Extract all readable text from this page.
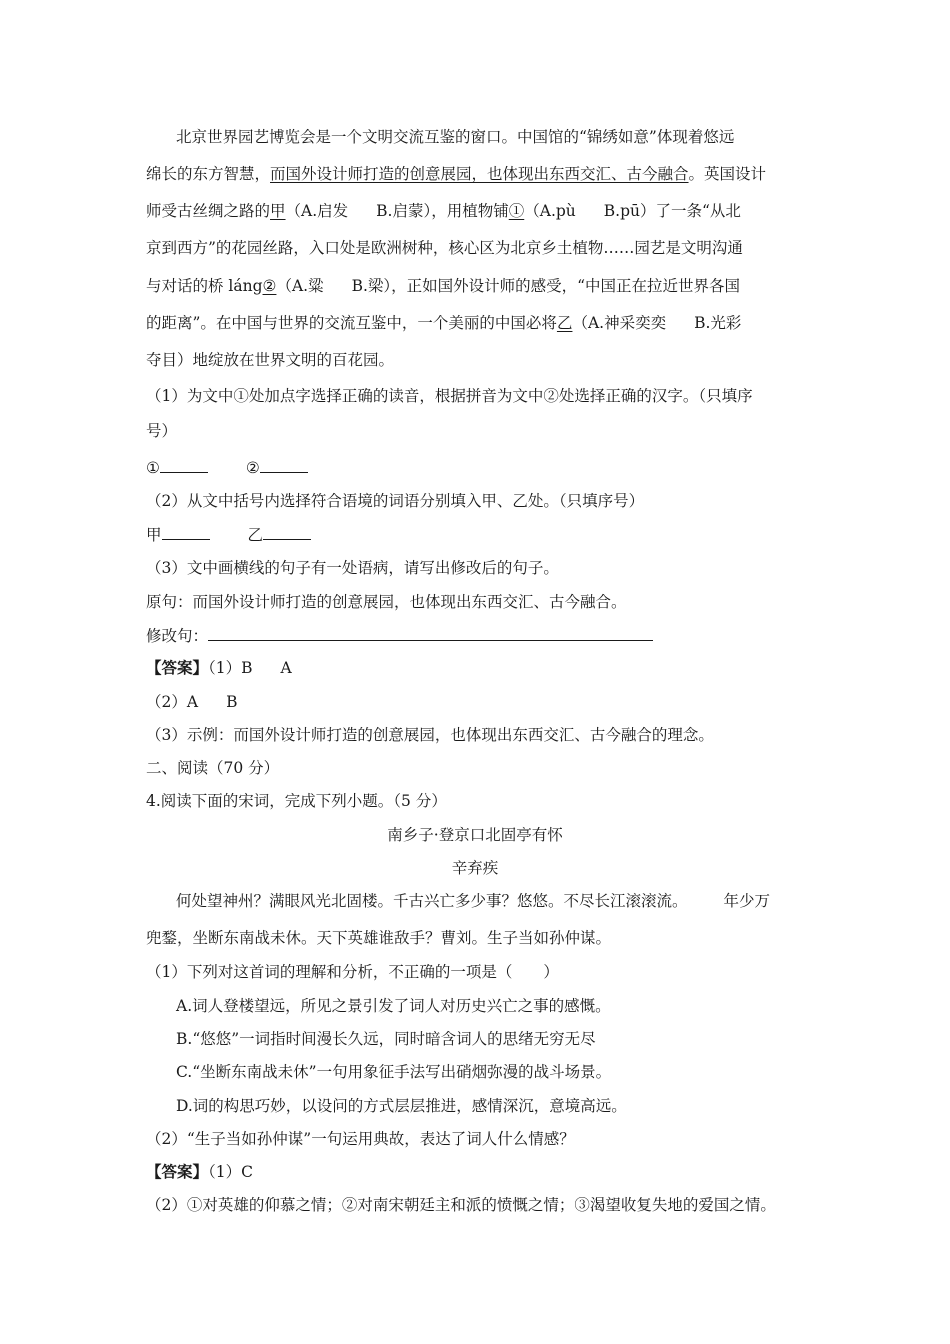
北京世界园艺博览会是一个文明交流互鉴的窗口。中国馆的“锦绣如意”体现着悠远
绵长的东方智慧，而国外设计师打造的创意展园，也体现出东西交汇、古今融合。英国设计
师受古丝绸之路的甲（A.启发 B.启蒙），用植物铺①（A.pù B.pū）了一条“从北
京到西方”的花园丝路，入口处是欧洲树种，核心区为北京乡土植物……园艺是文明沟通
与对话的桥 láng②（A.粱 B.梁），正如国外设计师的感受，“中国正在拉近世界各国
的距离”。在中国与世界的交流互鉴中，一个美丽的中国必将乙（A.神采奕奕 B.光彩
夺目）地绽放在世界文明的百花园。
（1）为文中①处加点字选择正确的读音，根据拼音为文中②处选择正确的汉字。（只填序
号）
①	②
（2）从文中括号内选择符合语境的词语分别填入甲、乙处。（只填序号）
甲	乙
（3）文中画横线的句子有一处语病，请写出修改后的句子。
原句：而国外设计师打造的创意展园，也体现出东西交汇、古今融合。
修改句：
【答案】（1）B A
（2）A B
（3）示例：而国外设计师打造的创意展园，也体现出东西交汇、古今融合的理念。
二、阅读（70 分）
4.阅读下面的宋词，完成下列小题。（5 分）
南乡子·登京口北固亭有怀
辛弃疾
何处望神州？满眼风光北固楼。千古兴亡多少事？悠悠。不尽长江滚滚流。 年少万
兜鍪，坐断东南战未休。天下英雄谁敌手？曹刘。生子当如孙仲谋。
（1）下列对这首词的理解和分析，不正确的一项是（　　）
A.词人登楼望远，所见之景引发了词人对历史兴亡之事的感慨。
B.“悠悠”一词指时间漫长久远，同时暗含词人的思绪无穷无尽
C.“坐断东南战未休”一句用象征手法写出硝烟弥漫的战斗场景。
D.词的构思巧妙，以设问的方式层层推进，感情深沉，意境高远。
（2）“生子当如孙仲谋”一句运用典故，表达了词人什么情感？
【答案】（1）C
（2）①对英雄的仰慕之情；②对南宋朝廷主和派的愤慨之情；③渴望收复失地的爱国之情。
